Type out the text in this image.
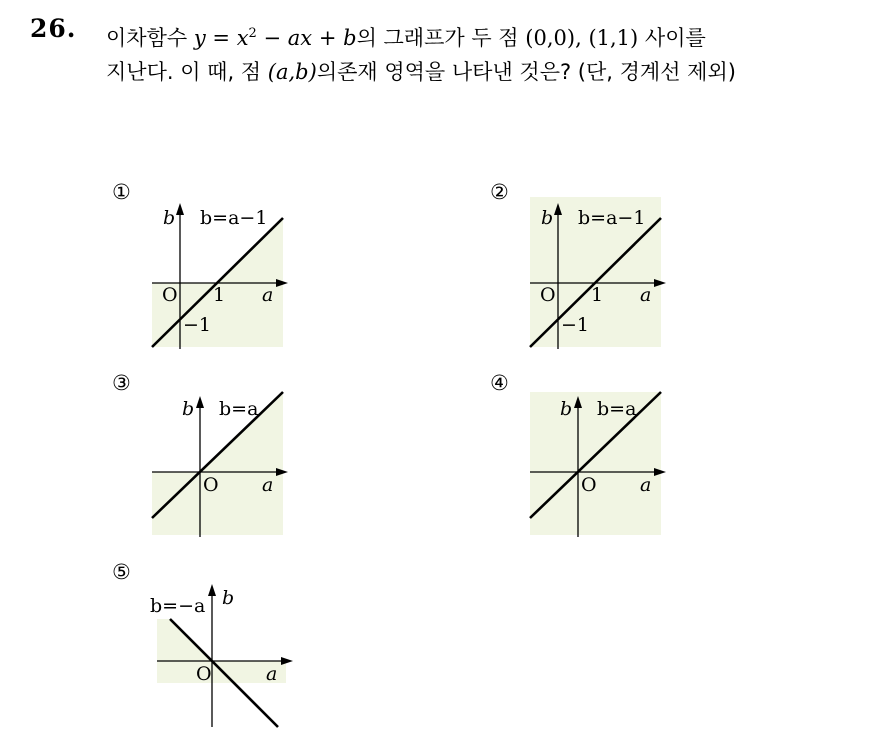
26. 이차함수 $y = x^2$ − ax + b의 그래프가 두 점 (0,0), (1,1) 사이를
지난다. 이 때, 점 (a,b)의존재 영역을 나타낸 것은? (단, 경계선 제외)
①
b b=a−1
O 1 a
−1
②
b b=a−1
O 1 a
−1
③
b b=a
O a
④
b b=a
O a
⑤
b=−a b
O	a
